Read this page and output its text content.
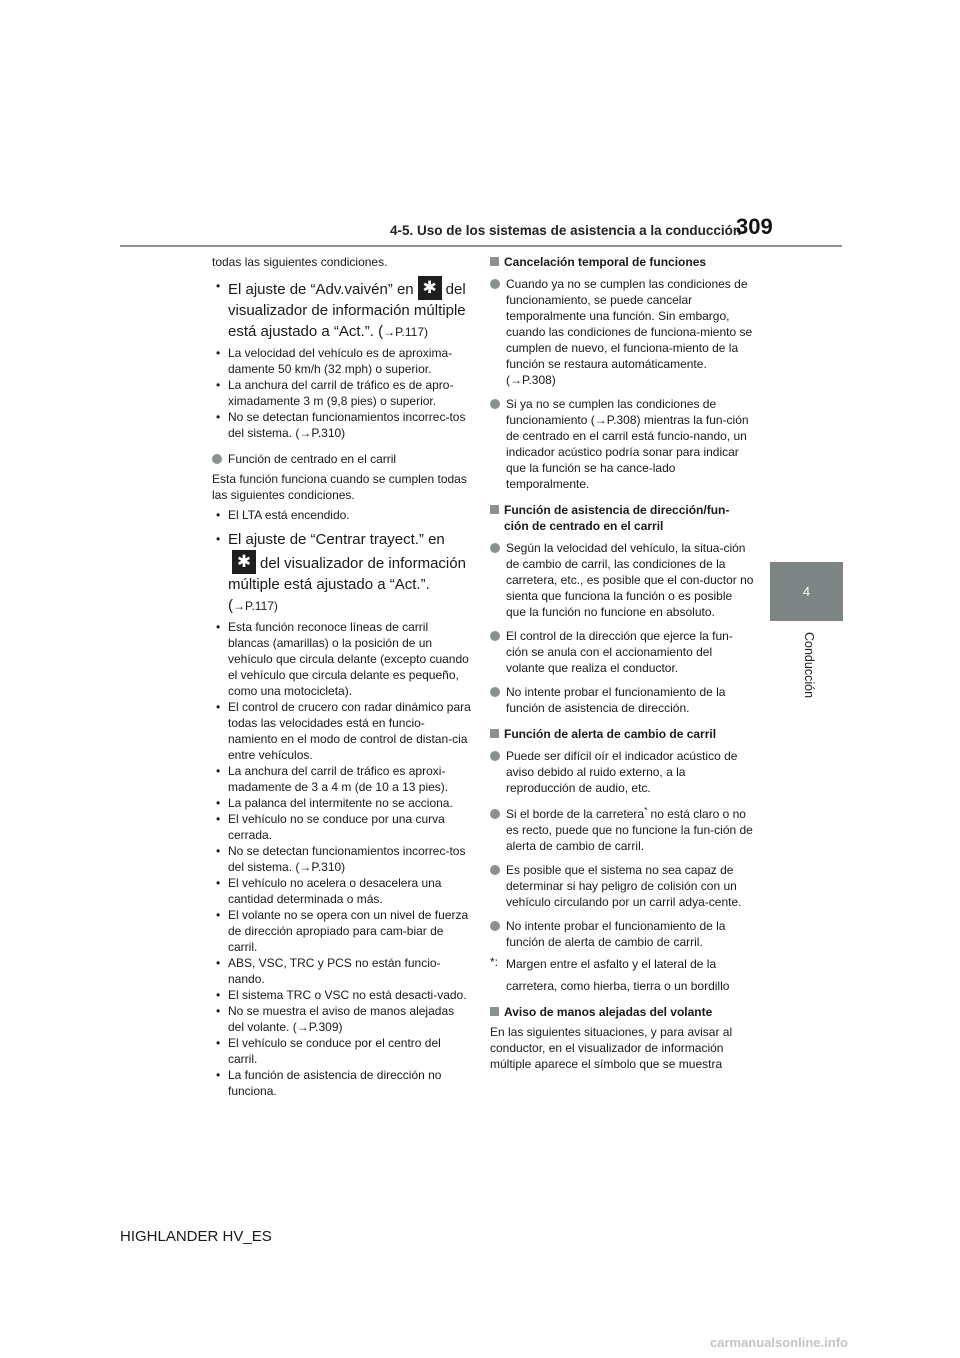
4-5. Uso de los sistemas de asistencia a la conducción
309
4
Conducción

todas las siguientes condiciones.

• El ajuste de “Adv.vaivén” en✱ del visualizador de información múltiple está ajustado a “Act.”. (→P.117)

• La velocidad del vehículo es de aproxima-damente 50 km/h (32 mph) o superior.

• La anchura del carril de tráfico es de apro-ximadamente 3 m (9,8 pies) o superior.

• No se detectan funcionamientos incorrec-tos del sistema. (→P.310)

Función de centrado en el carril

Esta función funciona cuando se cumplen todas las siguientes condiciones.

• El LTA está encendido.

• El ajuste de “Centrar trayect.” en✱del visualizador de información múltiple está ajustado a “Act.”. (→P.117)

• Esta función reconoce líneas de carril blancas (amarillas) o la posición de un vehículo que circula delante (excepto cuando el vehículo que circula delante es pequeño, como una motocicleta).

• El control de crucero con radar dinámico para todas las velocidades está en funcio-namiento en el modo de control de distan-cia entre vehículos.

• La anchura del carril de tráfico es aproxi-madamente de 3 a 4 m (de 10 a 13 pies).

• La palanca del intermitente no se acciona.

• El vehículo no se conduce por una curva cerrada.

• No se detectan funcionamientos incorrec-tos del sistema. (→P.310)

• El vehículo no acelera o desacelera una cantidad determinada o más.

• El volante no se opera con un nivel de fuerza de dirección apropiado para cam-biar de carril.

• ABS, VSC, TRC y PCS no están funcio-nando.

• El sistema TRC o VSC no está desacti-vado.

• No se muestra el aviso de manos alejadas del volante. (→P.309)

• El vehículo se conduce por el centro del carril.

• La función de asistencia de dirección no funciona.

Cancelación temporal de funciones

Cuando ya no se cumplen las condiciones de funcionamiento, se puede cancelar temporalmente una función. Sin embargo, cuando las condiciones de funciona-miento se cumplen de nuevo, el funciona-miento de la función se restaura automáticamente. (→P.308)

Si ya no se cumplen las condiciones de funcionamiento (→P.308) mientras la fun-ción de centrado en el carril está funcio-nando, un indicador acústico podría sonar para indicar que la función se ha cance-lado temporalmente.

Función de asistencia de dirección/fun-ción de centrado en el carril

Según la velocidad del vehículo, la situa-ción de cambio de carril, las condiciones de la carretera, etc., es posible que el con-ductor no sienta que funciona la función o es posible que la función no funcione en absoluto.

El control de la dirección que ejerce la fun-ción se anula con el accionamiento del volante que realiza el conductor.

No intente probar el funcionamiento de la función de asistencia de dirección.

Función de alerta de cambio de carril

Puede ser difícil oír el indicador acústico de aviso debido al ruido externo, a la reproducción de audio, etc.

Si el borde de la carretera* no está claro o no es recto, puede que no funcione la fun-ción de alerta de cambio de carril.

Es posible que el sistema no sea capaz de determinar si hay peligro de colisión con un vehículo circulando por un carril adya-cente.

No intente probar el funcionamiento de la función de alerta de cambio de carril.

*: Margen entre el asfalto y el lateral de la

carretera, como hierba, tierra o un bordillo

Aviso de manos alejadas del volante

En las siguientes situaciones, y para avisar al conductor, en el visualizador de información múltiple aparece el símbolo que se muestra

HIGHLANDER HV_ES
carmanualsonline.info
